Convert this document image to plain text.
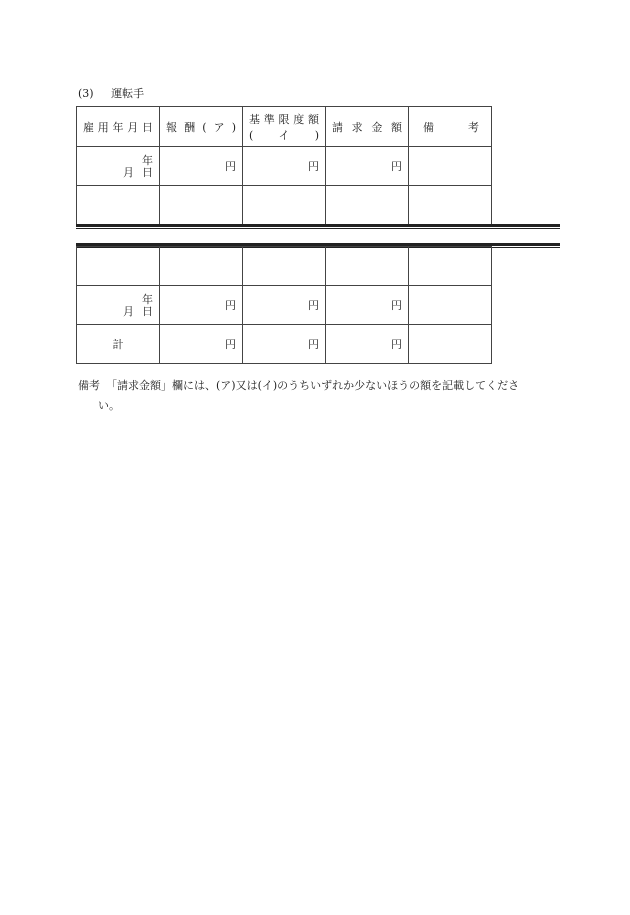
(3) 運転手
雇用年月日	報酬(ア)	基準限度額(イ)	請求金額	備 考

年
月 日	円	円	円	

年
月 日	円	円	円	
計	円	円	円	
備考 「請求金額」欄には、(ア)又は(イ)のうちいずれか少ないほうの額を記載してくださ
い。
